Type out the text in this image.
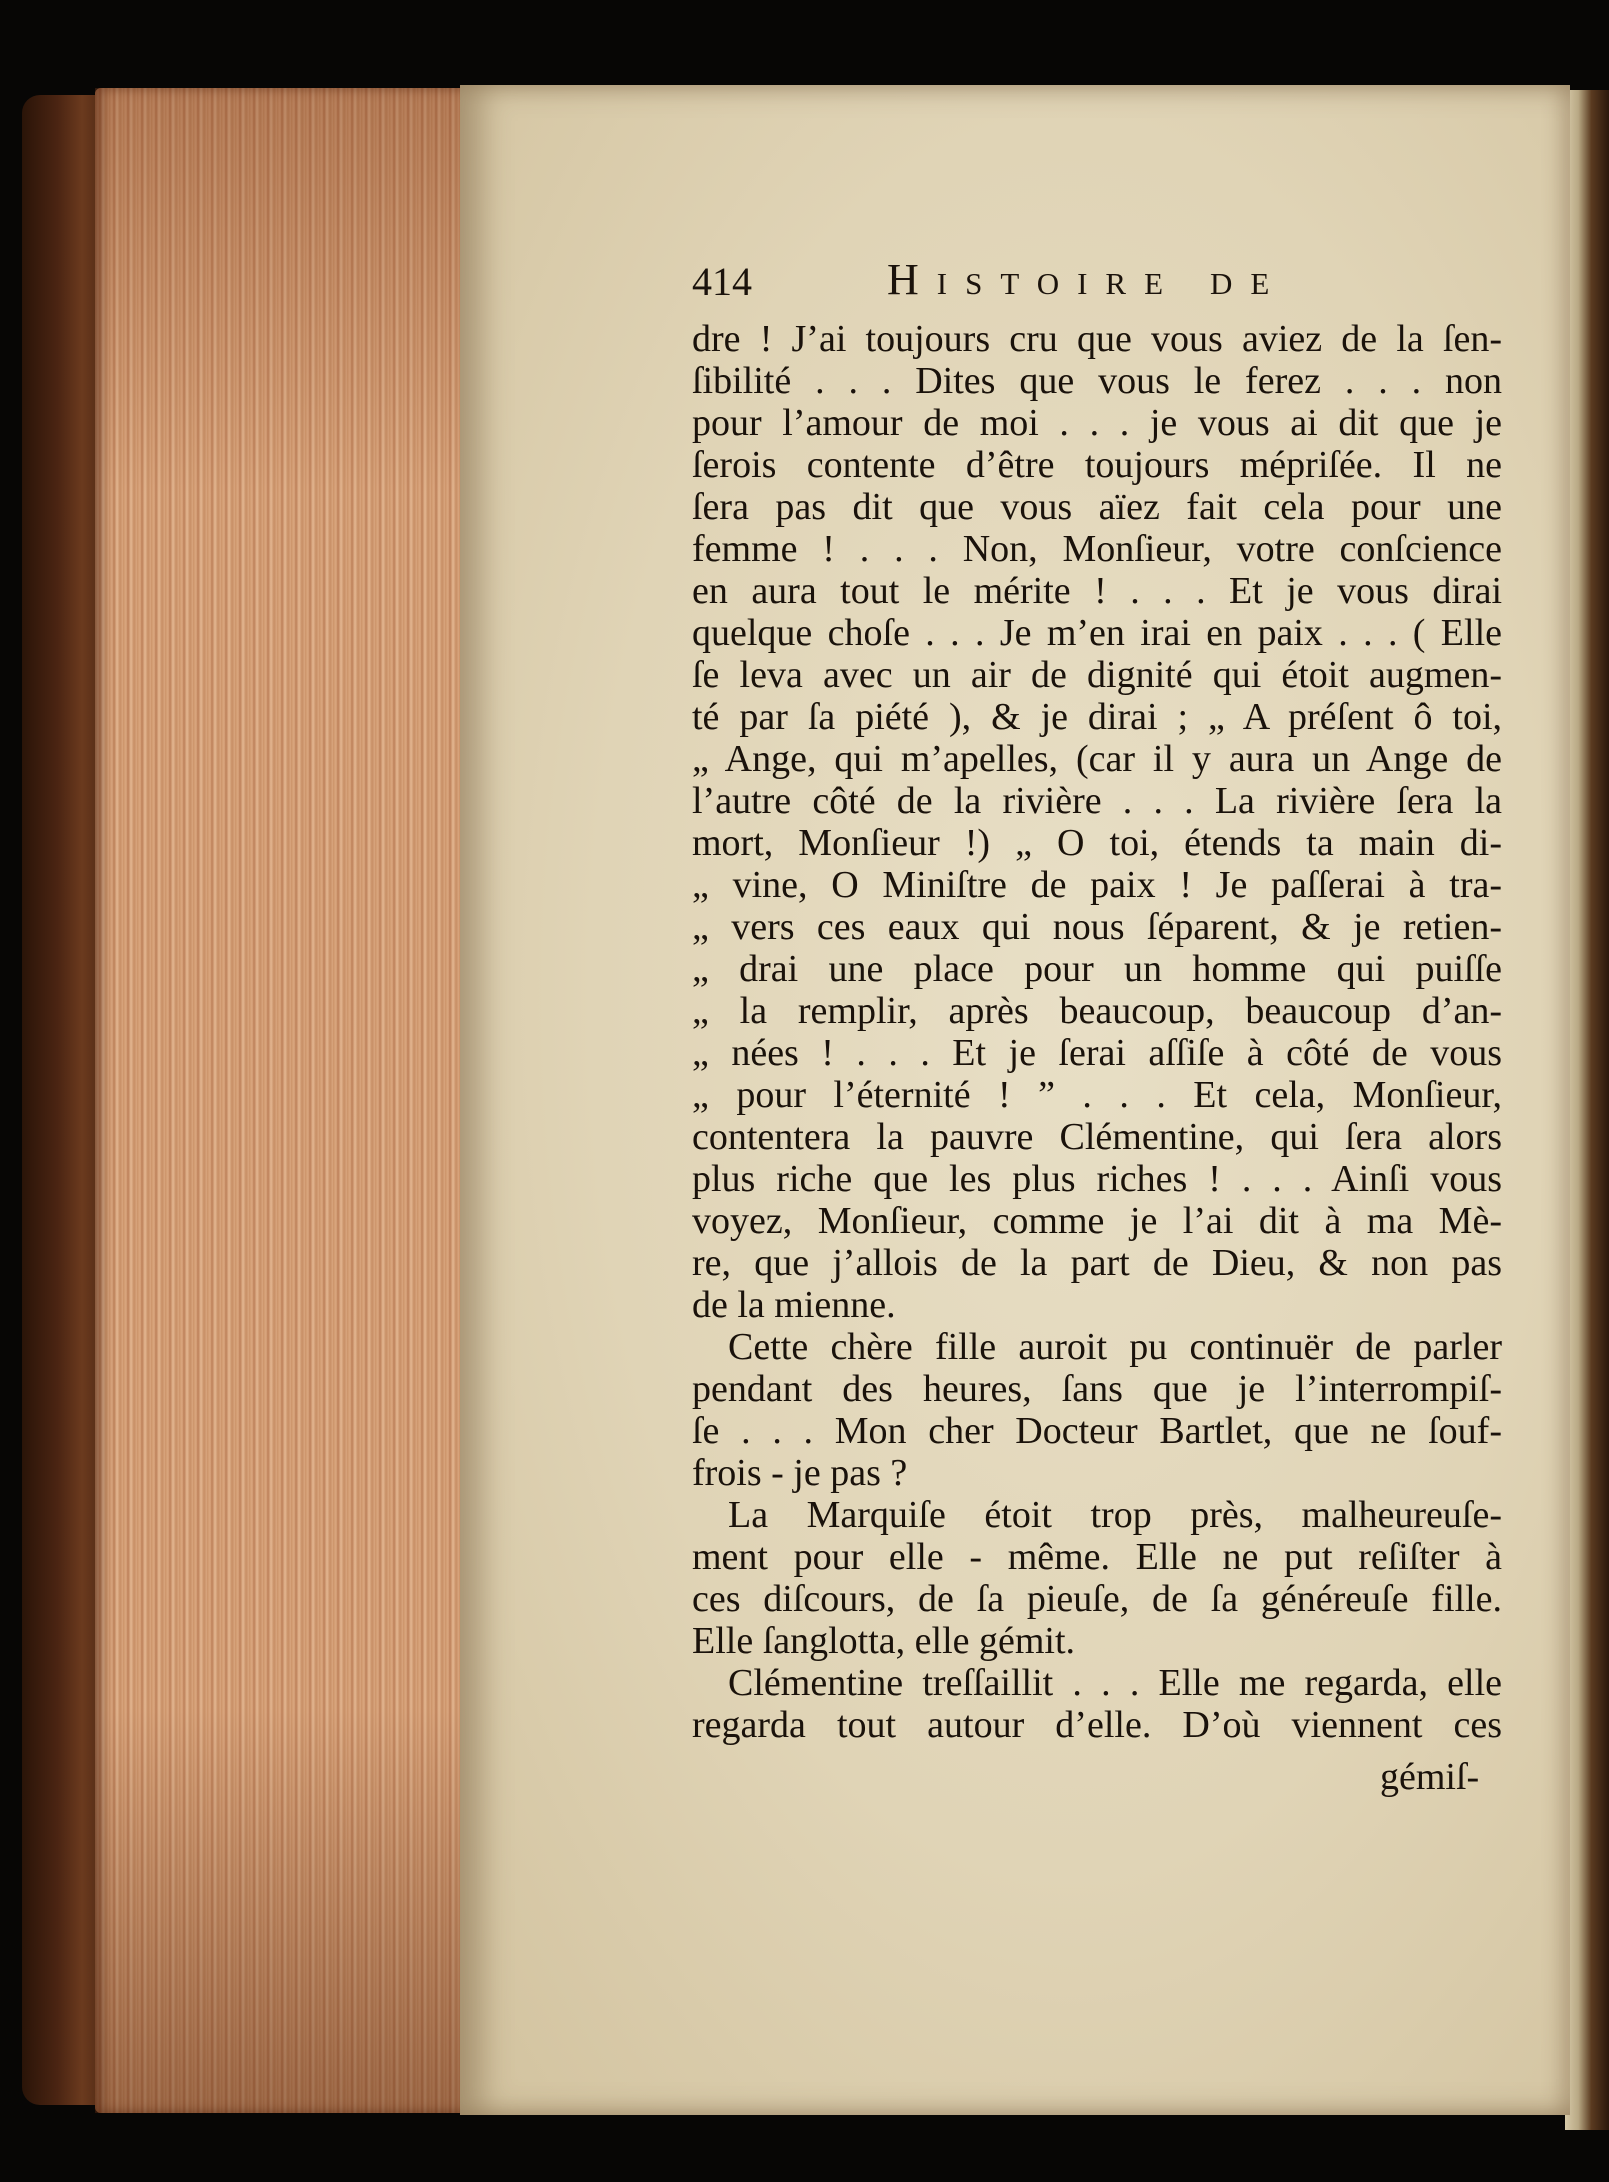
414	Histoire de
dre ! J’ai toujours cru que vous aviez de la ſen-
ſibilité . . . Dites que vous le ferez . . . non
pour l’amour de moi . . . je vous ai dit que je
ſerois contente d’être toujours mépriſée. Il ne
ſera pas dit que vous aïez fait cela pour une
femme ! . . . Non, Monſieur, votre conſcience
en aura tout le mérite ! . . . Et je vous dirai
quelque choſe . . . Je m’en irai en paix . . . ( Elle
ſe leva avec un air de dignité qui étoit augmen-
té par ſa piété ), & je dirai ; „ A préſent ô toi,
„ Ange, qui m’apelles, (car il y aura un Ange de
l’autre côté de la rivière . . . La rivière ſera la
mort, Monſieur !) „ O toi, étends ta main di-
„ vine, O Miniſtre de paix ! Je paſſerai à tra-
„ vers ces eaux qui nous ſéparent, & je retien-
„ drai une place pour un homme qui puiſſe
„ la remplir, après beaucoup, beaucoup d’an-
„ nées ! . . . Et je ſerai aſſiſe à côté de vous
„ pour l’éternité ! ” . . . Et cela, Monſieur,
contentera la pauvre Clémentine, qui ſera alors
plus riche que les plus riches ! . . . Ainſi vous
voyez, Monſieur, comme je l’ai dit à ma Mè-
re, que j’allois de la part de Dieu, & non pas
de la mienne.
Cette chère fille auroit pu continuër de parler
pendant des heures, ſans que je l’interrompiſ-
ſe . . . Mon cher Docteur Bartlet, que ne ſouf-
frois - je pas ?
La Marquiſe étoit trop près, malheureuſe-
ment pour elle - même. Elle ne put reſiſter à
ces diſcours, de ſa pieuſe, de ſa généreuſe fille.
Elle ſanglotta, elle gémit.
Clémentine treſſaillit . . . Elle me regarda, elle
regarda tout autour d’elle. D’où viennent ces
gémiſ-
